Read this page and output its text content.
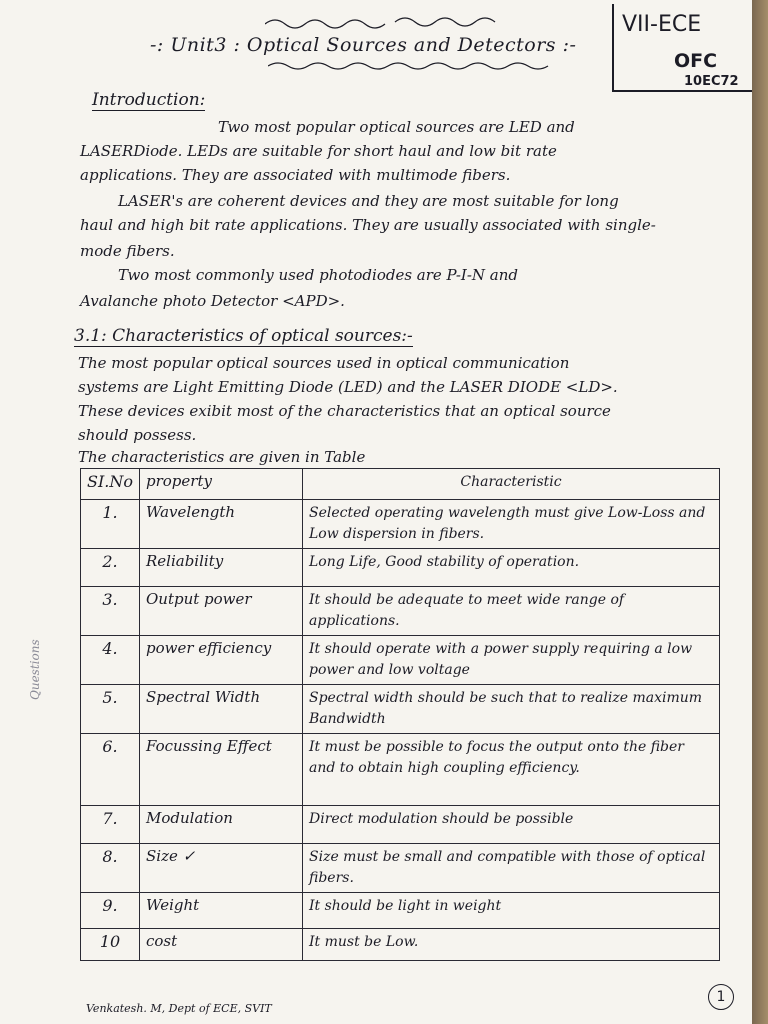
-: Unit3 : Optical Sources and Detectors :-
VII-ECE
OFC
10EC72
Introduction:
Two most popular optical sources are LED and
LASERDiode. LEDs are suitable for short haul and low bit rate
applications. They are associated with multimode fibers.
LASER's are coherent devices and they are most suitable for long
haul and high bit rate applications. They are usually associated with single-
mode fibers.
Two most commonly used photodiodes are P-I-N and
Avalanche photo Detector <APD>.
3.1: Characteristics of optical sources:-
The most popular optical sources used in optical communication
systems are Light Emitting Diode (LED) and the LASER DIODE <LD>.
These devices exibit most of the characteristics that an optical source
should possess.
The characteristics are given in Table
SI.No	property	Characteristic
1.	Wavelength	Selected operating wavelength must give Low-Loss and Low dispersion in fibers.
2.	Reliability	Long Life, Good stability of operation.
3.	Output power	It should be adequate to meet wide range of applications.
4.	power efficiency	It should operate with a power supply requiring a low power and low voltage
5.	Spectral Width	Spectral width should be such that to realize maximum Bandwidth
6.	Focussing Effect	It must be possible to focus the output onto the fiber and to obtain high coupling efficiency.
7.	Modulation	Direct modulation should be possible
8.	Size ✓	Size must be small and compatible with those of optical fibers.
9.	Weight	It should be light in weight
10	cost	It must be Low.
Questions
Venkatesh. M, Dept of ECE, SVIT
1
